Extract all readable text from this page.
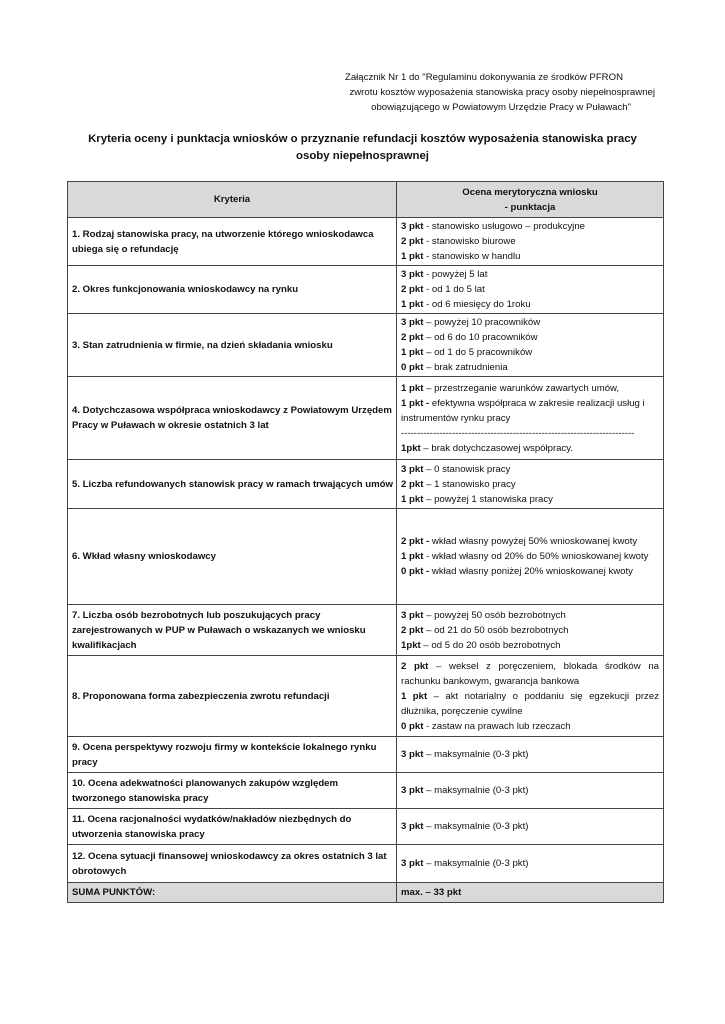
Załącznik Nr 1 do "Regulaminu dokonywania ze środków PFRON
zwrotu kosztów wyposażenia stanowiska pracy osoby niepełnosprawnej
obowiązującego w Powiatowym Urzędzie Pracy w Puławach"
Kryteria oceny i punktacja wniosków o przyznanie refundacji kosztów wyposażenia stanowiska pracy
osoby niepełnosprawnej
Kryteria	Ocena merytoryczna wniosku
- punktacja

1. Rodzaj stanowiska pracy, na utworzenie którego wnioskodawca ubiega się o refundację	3 pkt - stanowisko usługowo – produkcyjne
2 pkt - stanowisko biurowe
1 pkt - stanowisko w handlu

2. Okres funkcjonowania wnioskodawcy na rynku	3 pkt - powyżej 5 lat
2 pkt - od 1 do 5 lat
1 pkt - od 6 miesięcy do 1roku

3. Stan zatrudnienia w firmie, na dzień składania wniosku	3 pkt – powyżej 10 pracowników
2 pkt – od 6 do 10 pracowników
1 pkt – od 1 do 5 pracowników
0 pkt – brak zatrudnienia

4. Dotychczasowa współpraca wnioskodawcy z Powiatowym Urzędem Pracy w Puławach w okresie ostatnich 3 lat	1 pkt – przestrzeganie warunków zawartych umów,
1 pkt - efektywna współpraca w zakresie realizacji usług i instrumentów rynku pracy
-------------------------------------------------------------------------
1pkt – brak dotychczasowej współpracy.

5. Liczba refundowanych stanowisk pracy w ramach trwających umów	3 pkt – 0 stanowisk pracy
2 pkt – 1 stanowisko pracy
1 pkt – powyżej 1 stanowiska pracy

6. Wkład własny wnioskodawcy	2 pkt - wkład własny powyżej 50% wnioskowanej kwoty
1 pkt - wkład własny od 20% do 50% wnioskowanej kwoty
0 pkt - wkład własny poniżej 20% wnioskowanej kwoty

7. Liczba osób bezrobotnych lub poszukujących pracy zarejestrowanych w PUP w Puławach o wskazanych we wniosku kwalifikacjach	3 pkt – powyżej 50 osób bezrobotnych
2 pkt – od 21 do 50 osób bezrobotnych
1pkt – od 5 do 20 osób bezrobotnych

8. Proponowana forma zabezpieczenia zwrotu refundacji	2 pkt – weksel z poręczeniem, blokada środków na rachunku bankowym, gwarancja bankowa
1 pkt – akt notarialny o poddaniu się egzekucji przez dłużnika, poręczenie cywilne
0 pkt - zastaw na prawach lub rzeczach

9. Ocena perspektywy rozwoju firmy w kontekście lokalnego rynku pracy	3 pkt – maksymalnie (0-3 pkt)

10. Ocena adekwatności planowanych zakupów względem tworzonego stanowiska pracy	3 pkt – maksymalnie (0-3 pkt)

11. Ocena racjonalności wydatków/nakładów niezbędnych do utworzenia stanowiska pracy	3 pkt – maksymalnie (0-3 pkt)

12. Ocena sytuacji finansowej wnioskodawcy za okres ostatnich 3 lat obrotowych	3 pkt – maksymalnie (0-3 pkt)

SUMA PUNKTÓW:	max. – 33 pkt
